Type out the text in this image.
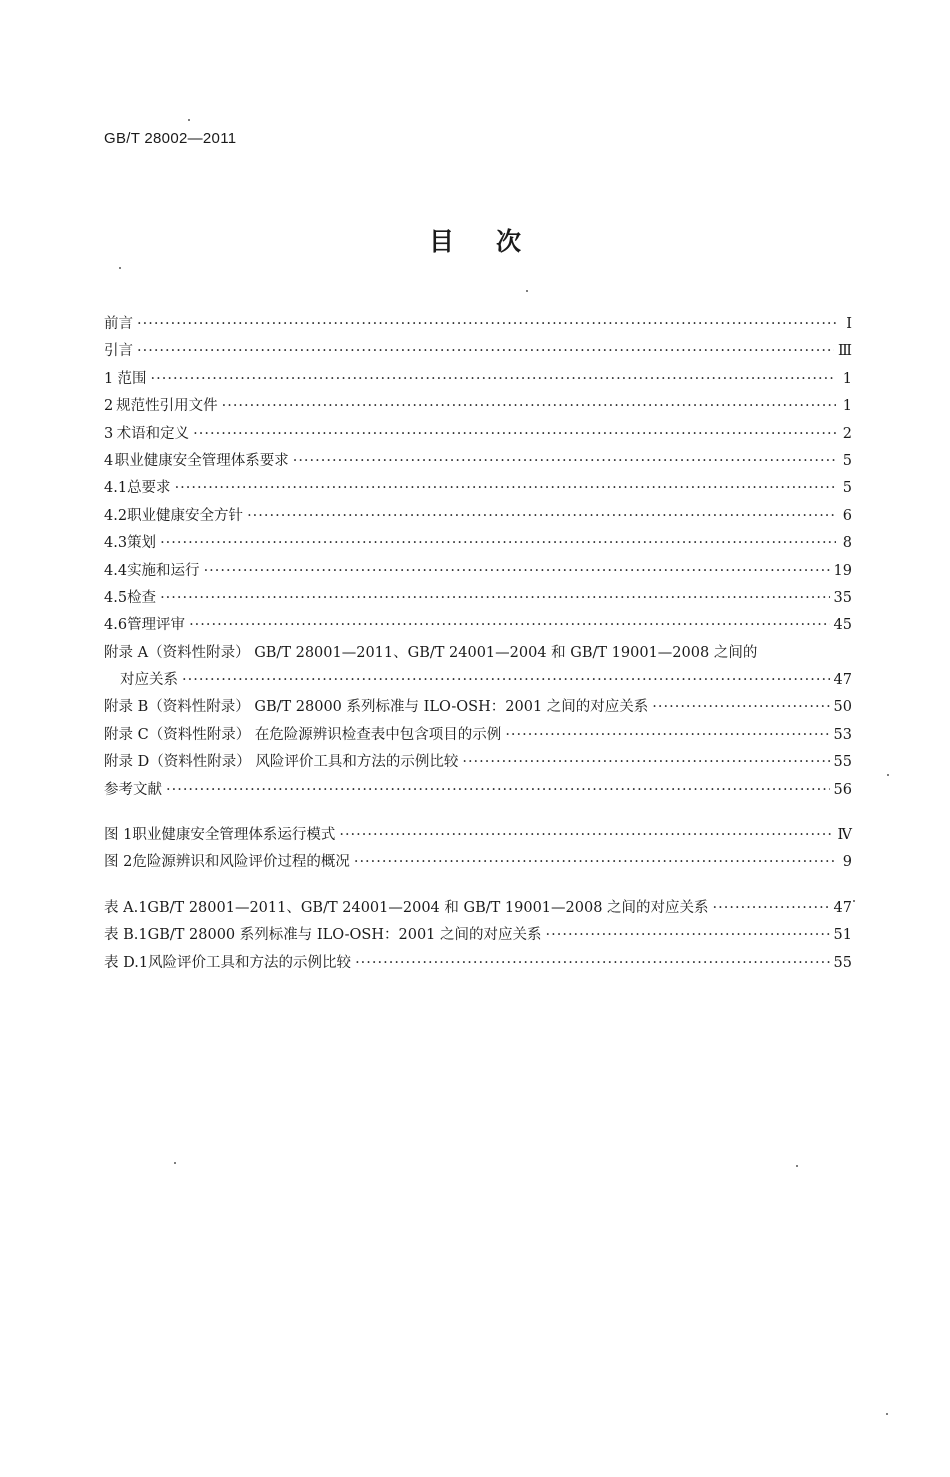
GB/T 28002—2011
目次
前言 ·····	Ⅰ
引言 ·····	Ⅲ
1 范围 ·····	1
2 规范性引用文件 ·····	1
3 术语和定义 ·····	2
4 职业健康安全管理体系要求 ·····	5
4.1 总要求 ·····	5
4.2 职业健康安全方针 ·····	6
4.3 策划 ·····	8
4.4 实施和运行 ·····	19
4.5 检查 ·····	35
4.6 管理评审 ·····	45
附录 A（资料性附录） GB/T 28001—2011、GB/T 24001—2004 和 GB/T 19001—2008 之间的
对应关系 ·····	47
附录 B（资料性附录） GB/T 28000 系列标准与 ILO-OSH：2001 之间的对应关系 ·····	50
附录 C（资料性附录） 在危险源辨识检查表中包含项目的示例 ·····	53
附录 D（资料性附录） 风险评价工具和方法的示例比较 ·····	55
参考文献 ·····	56
图 1 职业健康安全管理体系运行模式 ·····	Ⅳ
图 2 危险源辨识和风险评价过程的概况 ·····	9
表 A.1 GB/T 28001—2011、GB/T 24001—2004 和 GB/T 19001—2008 之间的对应关系 ·····	47
表 B.1 GB/T 28000 系列标准与 ILO-OSH：2001 之间的对应关系 ·····	51
表 D.1 风险评价工具和方法的示例比较 ·····	55
